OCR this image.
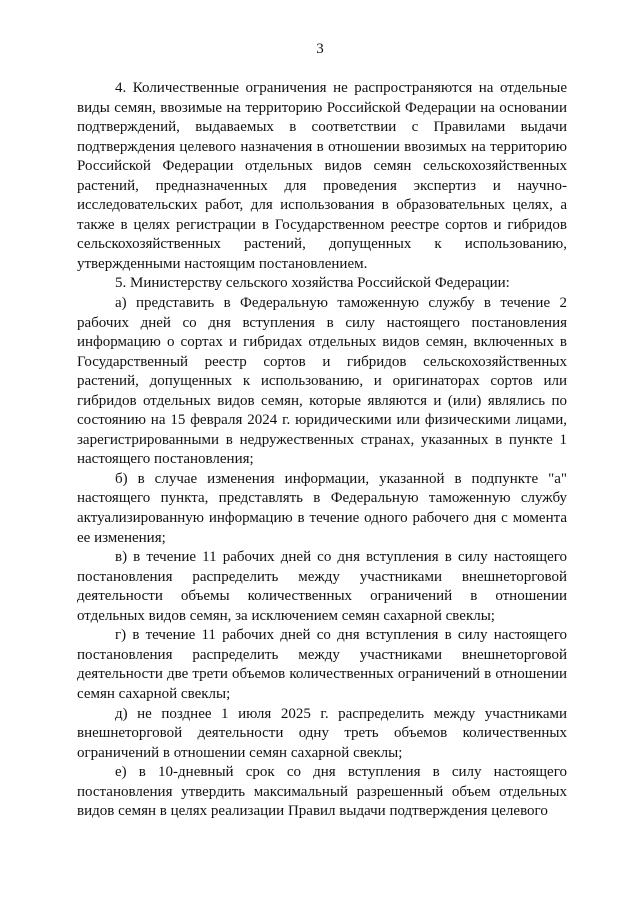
3

4. Количественные ограничения не распространяются на отдельные виды семян, ввозимые на территорию Российской Федерации на основании подтверждений, выдаваемых в соответствии с Правилами выдачи подтверждения целевого назначения в отношении ввозимых на территорию Российской Федерации отдельных видов семян сельскохозяйственных растений, предназначенных для проведения экспертиз и научно-исследовательских работ, для использования в образовательных целях, а также в целях регистрации в Государственном реестре сортов и гибридов сельскохозяйственных растений, допущенных к использованию, утвержденными настоящим постановлением.

5. Министерству сельского хозяйства Российской Федерации:

а) представить в Федеральную таможенную службу в течение 2 рабочих дней со дня вступления в силу настоящего постановления информацию о сортах и гибридах отдельных видов семян, включенных в Государственный реестр сортов и гибридов сельскохозяйственных растений, допущенных к использованию, и оригинаторах сортов или гибридов отдельных видов семян, которые являются и (или) являлись по состоянию на 15 февраля 2024 г. юридическими или физическими лицами, зарегистрированными в недружественных странах, указанных в пункте 1 настоящего постановления;

б) в случае изменения информации, указанной в подпункте "а" настоящего пункта, представлять в Федеральную таможенную службу актуализированную информацию в течение одного рабочего дня с момента ее изменения;

в) в течение 11 рабочих дней со дня вступления в силу настоящего постановления распределить между участниками внешнеторговой деятельности объемы количественных ограничений в отношении отдельных видов семян, за исключением семян сахарной свеклы;

г) в течение 11 рабочих дней со дня вступления в силу настоящего постановления распределить между участниками внешнеторговой деятельности две трети объемов количественных ограничений в отношении семян сахарной свеклы;

д) не позднее 1 июля 2025 г. распределить между участниками внешнеторговой деятельности одну треть объемов количественных ограничений в отношении семян сахарной свеклы;

е) в 10-дневный срок со дня вступления в силу настоящего постановления утвердить максимальный разрешенный объем отдельных видов семян в целях реализации Правил выдачи подтверждения целевого
